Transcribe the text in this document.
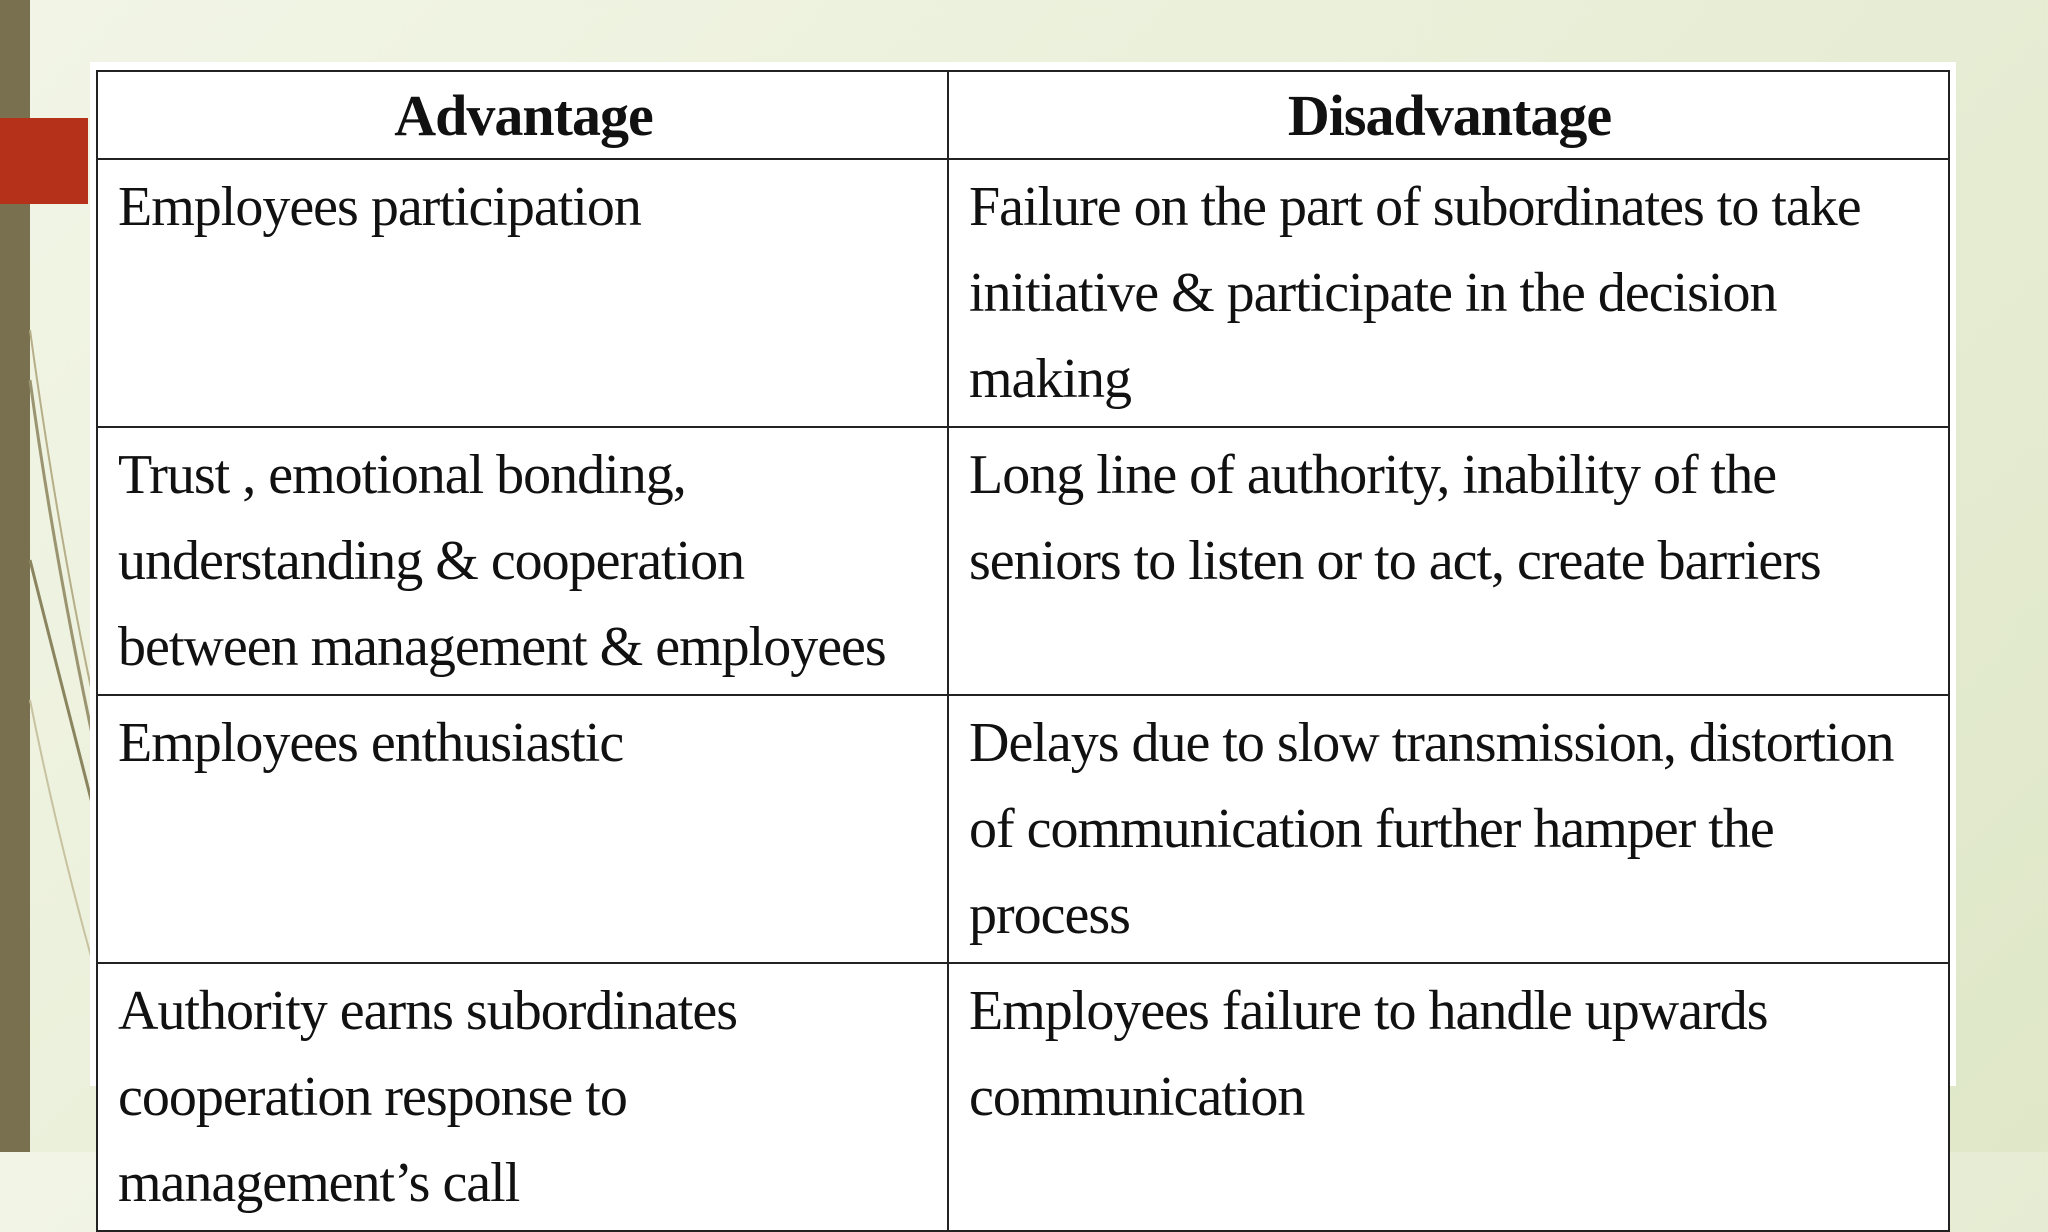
Advantage	Disadvantage
Employees participation	Failure on the part of subordinates to take initiative & participate in the decision making
Trust , emotional bonding, understanding & cooperation between management & employees	Long line of authority, inability of the seniors to listen or to act, create barriers
Employees enthusiastic	Delays due to slow transmission, distortion of communication further hamper the process
Authority earns subordinates cooperation response to management’s call	Employees failure to handle upwards communication
